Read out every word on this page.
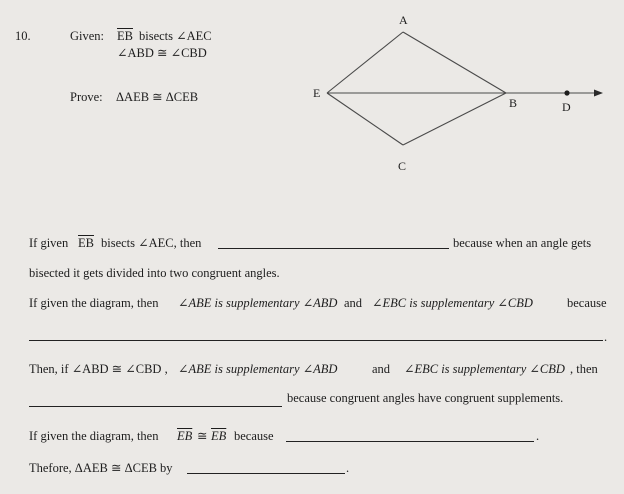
10.	Given: $\overline{EB}$ bisects ∠AEC
∠ABD ≅ ∠CBD
Prove: ΔAEB ≅ ΔCEB
A
E
B	D
C
If given $\overline{EB}$ bisects ∠AEC, then	because when an angle gets
bisected it gets divided into two congruent angles.
If given the diagram, then ∠ABE is supplementary ∠ABD and ∠EBC is supplementary ∠CBD	because
.
Then, if ∠ABD ≅ ∠CBD , ∠ABE is supplementary ∠ABD	and ∠EBC is supplementary ∠CBD , then
because congruent angles have congruent supplements.
If given the diagram, then $\overline{EB}$ ≅ $\overline{EB}$ because	.
Thefore, ΔAEB ≅ ΔCEB by	.
